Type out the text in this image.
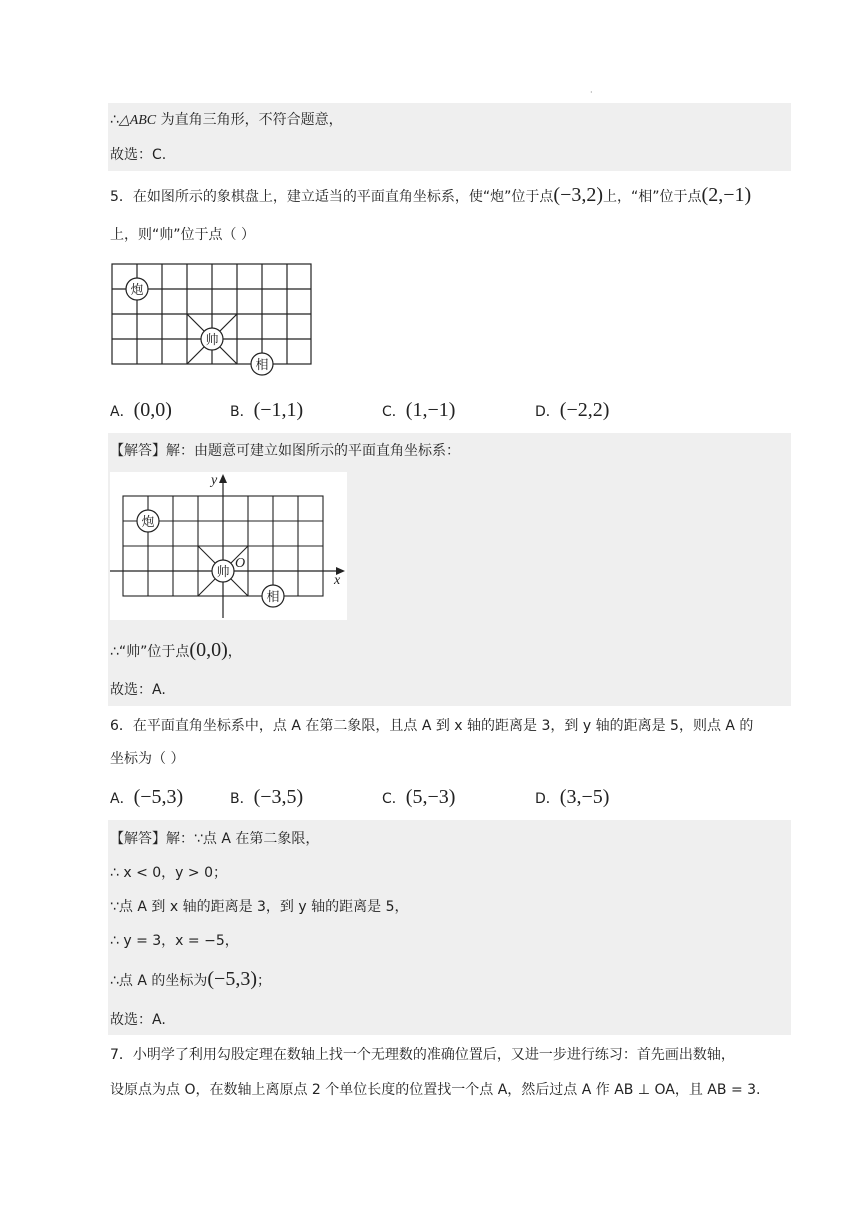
·
∴△ABC 为直角三角形，不符合题意，
故选：C.
5．在如图所示的象棋盘上，建立适当的平面直角坐标系，使“炮”位于点(−3,2)上，“相”位于点(2,−1)
上，则“帅”位于点（ ）
炮
帅
相
A．(0,0)	B．(−1,1)	C．(1,−1)	D．(−2,2)
【解答】解：由题意可建立如图所示的平面直角坐标系：
y
x
O
炮
帅
相
∴“帅”位于点(0,0)，
故选：A.
6．在平面直角坐标系中，点 A 在第二象限，且点 A 到 x 轴的距离是 3，到 y 轴的距离是 5，则点 A 的
坐标为（ ）
A．(−5,3)	B．(−3,5)	C．(5,−3)	D．(3,−5)
【解答】解：∵点 A 在第二象限，
∴ x < 0，y > 0；
∵点 A 到 x 轴的距离是 3，到 y 轴的距离是 5，
∴ y = 3，x = −5，
∴点 A 的坐标为(−5,3)；
故选：A.
7．小明学了利用勾股定理在数轴上找一个无理数的准确位置后，又进一步进行练习：首先画出数轴，
设原点为点 O，在数轴上离原点 2 个单位长度的位置找一个点 A，然后过点 A 作 AB ⊥ OA，且 AB = 3.
